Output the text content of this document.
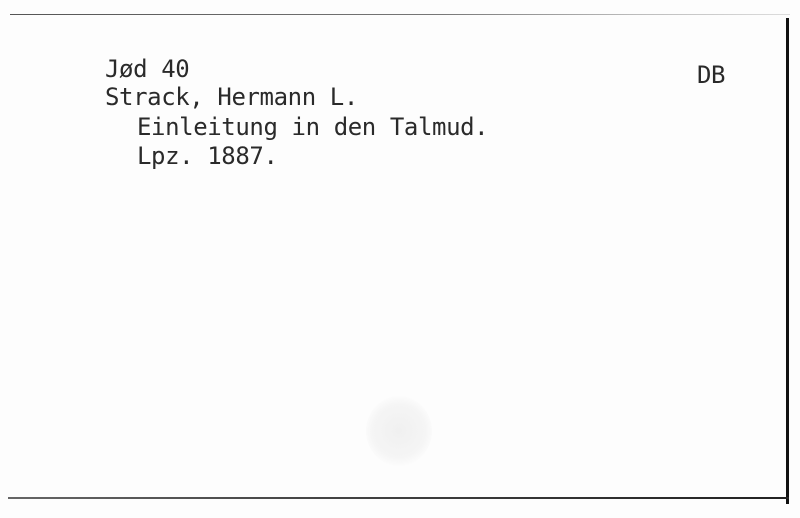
Jød 40	DB
Strack, Hermann L.
Einleitung in den Talmud.
Lpz. 1887.
